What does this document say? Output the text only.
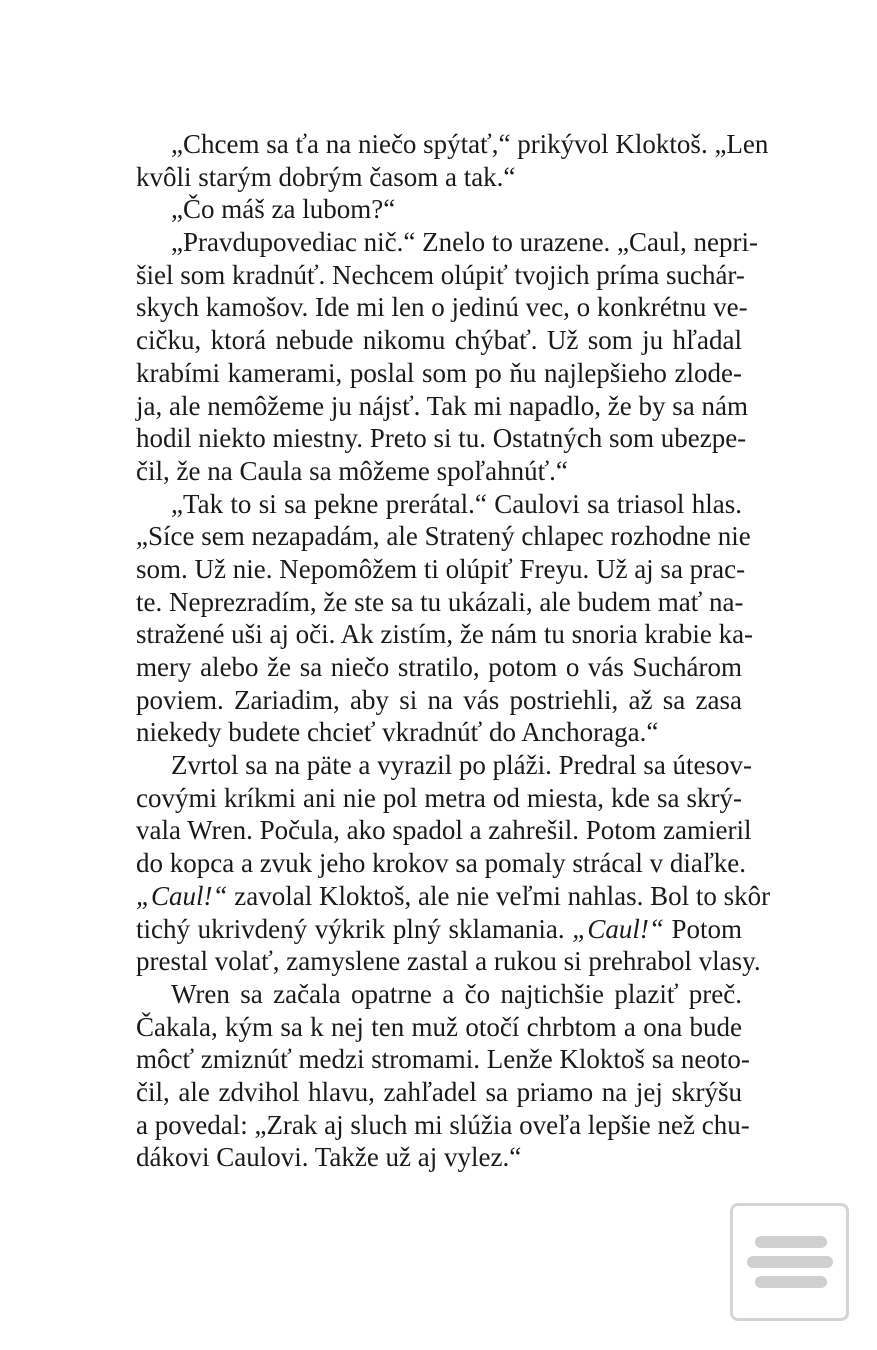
„Chcem sa ťa na niečo spýtať,“ prikývol Kloktoš. „Len
kvôli starým dobrým časom a tak.“
„Čo máš za lubom?“
„Pravdupovediac nič.“ Znelo to urazene. „Caul, nepri-
šiel som kradnúť. Nechcem olúpiť tvojich príma suchár-
skych kamošov. Ide mi len o jedinú vec, o konkrétnu ve-
cičku, ktorá nebude nikomu chýbať. Už som ju hľadal
krabími kamerami, poslal som po ňu najlepšieho zlode-
ja, ale nemôžeme ju nájsť. Tak mi napadlo, že by sa nám
hodil niekto miestny. Preto si tu. Ostatných som ubezpe-
čil, že na Caula sa môžeme spoľahnúť.“
„Tak to si sa pekne prerátal.“ Caulovi sa triasol hlas.
„Síce sem nezapadám, ale Stratený chlapec rozhodne nie
som. Už nie. Nepomôžem ti olúpiť Freyu. Už aj sa prac-
te. Neprezradím, že ste sa tu ukázali, ale budem mať na-
stražené uši aj oči. Ak zistím, že nám tu snoria krabie ka-
mery alebo že sa niečo stratilo, potom o vás Suchárom
poviem. Zariadim, aby si na vás postriehli, až sa zasa
niekedy budete chcieť vkradnúť do Anchoraga.“
Zvrtol sa na päte a vyrazil po pláži. Predral sa útesov-
covými kríkmi ani nie pol metra od miesta, kde sa skrý-
vala Wren. Počula, ako spadol a zahrešil. Potom zamieril
do kopca a zvuk jeho krokov sa pomaly strácal v diaľke.
„Caul!“ zavolal Kloktoš, ale nie veľmi nahlas. Bol to skôr
tichý ukrivdený výkrik plný sklamania. „Caul!“ Potom
prestal volať, zamyslene zastal a rukou si prehrabol vlasy.
Wren sa začala opatrne a čo najtichšie plaziť preč.
Čakala, kým sa k nej ten muž otočí chrbtom a ona bude
môcť zmiznúť medzi stromami. Lenže Kloktoš sa neoto-
čil, ale zdvihol hlavu, zahľadel sa priamo na jej skrýšu
a povedal: „Zrak aj sluch mi slúžia oveľa lepšie než chu-
dákovi Caulovi. Takže už aj vylez.“
